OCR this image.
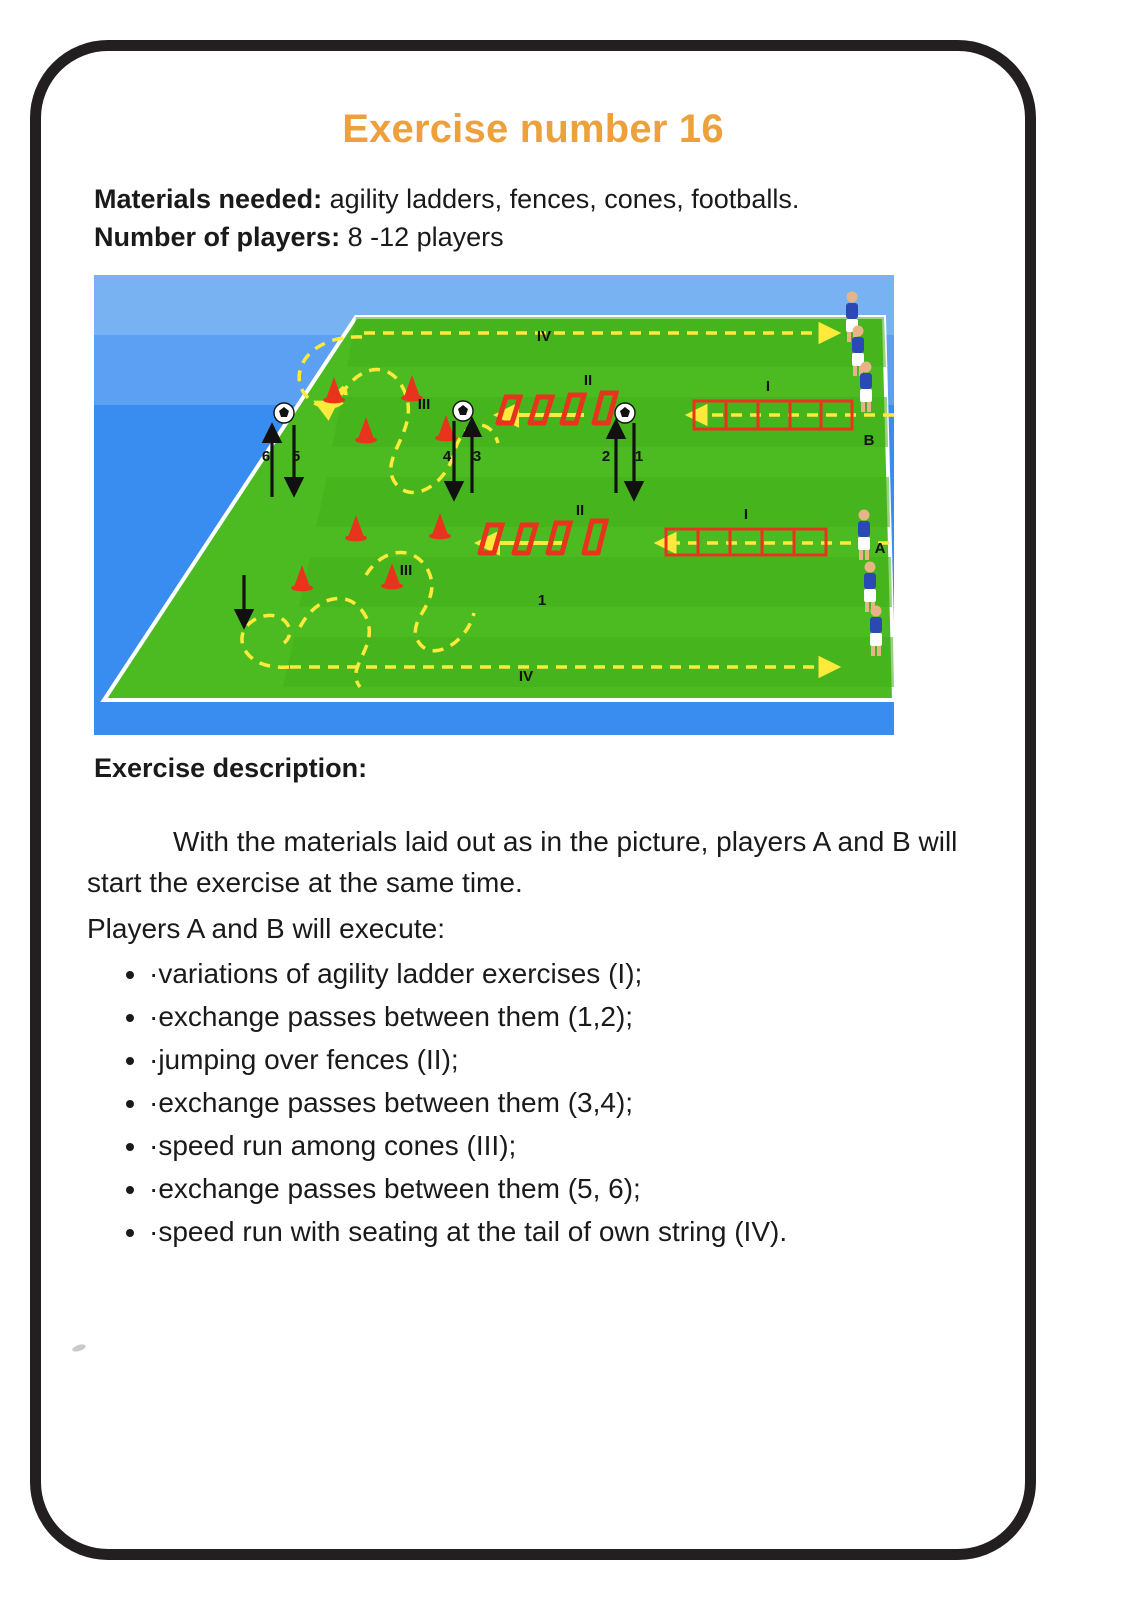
Exercise number 16
Materials needed: agility ladders, fences, cones, footballs.
Number of players: 8 -12 players
IV
IV
III
III
II
II
I
I
B
A
1
2
3
4
5
6
1
Exercise description:
With the materials laid out as in the picture, players A and B will start the exercise at the same time.
Players A and B will execute:
• ·variations of agility ladder exercises (I);
• ·exchange passes between them (1,2);
• ·jumping over fences (II);
• ·exchange passes between them (3,4);
• ·speed run among cones (III);
• ·exchange passes between them (5, 6);
• ·speed run with seating at the tail of own string (IV).
